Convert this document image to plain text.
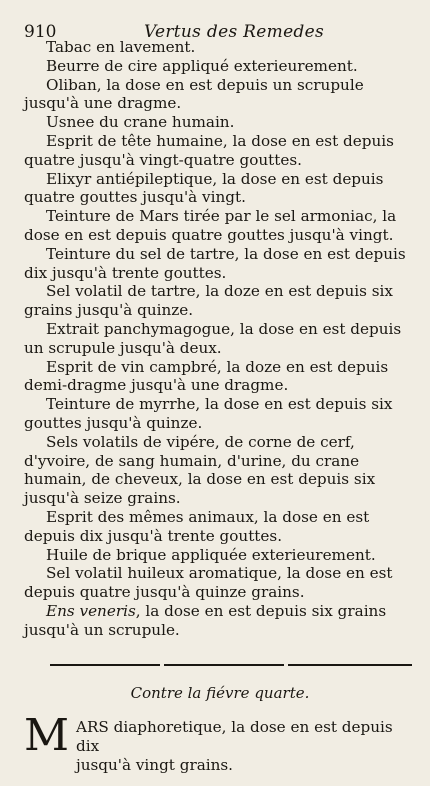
910	Vertus des Remedes

Tabac en lavement.

Beurre de cire appliqué exterieurement.

Oliban, la dose en est depuis un scrupule jusqu'à une dragme.

Usnee du crane humain.

Esprit de tête humaine, la dose en est depuis quatre jusqu'à vingt-quatre gouttes.

Elixyr antiépileptique, la dose en est depuis quatre gouttes jusqu'à vingt.

Teinture de Mars tirée par le sel armoniac, la dose en est depuis quatre gouttes jusqu'à vingt.

Teinture du sel de tartre, la dose en est depuis dix jusqu'à trente gouttes.

Sel volatil de tartre, la doze en est depuis six grains jusqu'à quinze.

Extrait panchymagogue, la dose en est depuis un scrupule jusqu'à deux.

Esprit de vin campbré, la doze en est depuis demi-dragme jusqu'à une dragme.

Teinture de myrrhe, la dose en est depuis six gouttes jusqu'à quinze.

Sels volatils de vipére, de corne de cerf, d'yvoire, de sang humain, d'urine, du crane humain, de cheveux, la dose en est depuis six jusqu'à seize grains.

Esprit des mêmes animaux, la dose en est depuis dix jusqu'à trente gouttes.

Huile de brique appliquée exterieurement.

Sel volatil huileux aromatique, la dose en est depuis quatre jusqu'à quinze grains.

Ens veneris, la dose en est depuis six grains jusqu'à un scrupule.

Contre la fiévre quarte.

M ARS diaphoretique, la dose en est depuis dix
jusqu'à vingt grains.
